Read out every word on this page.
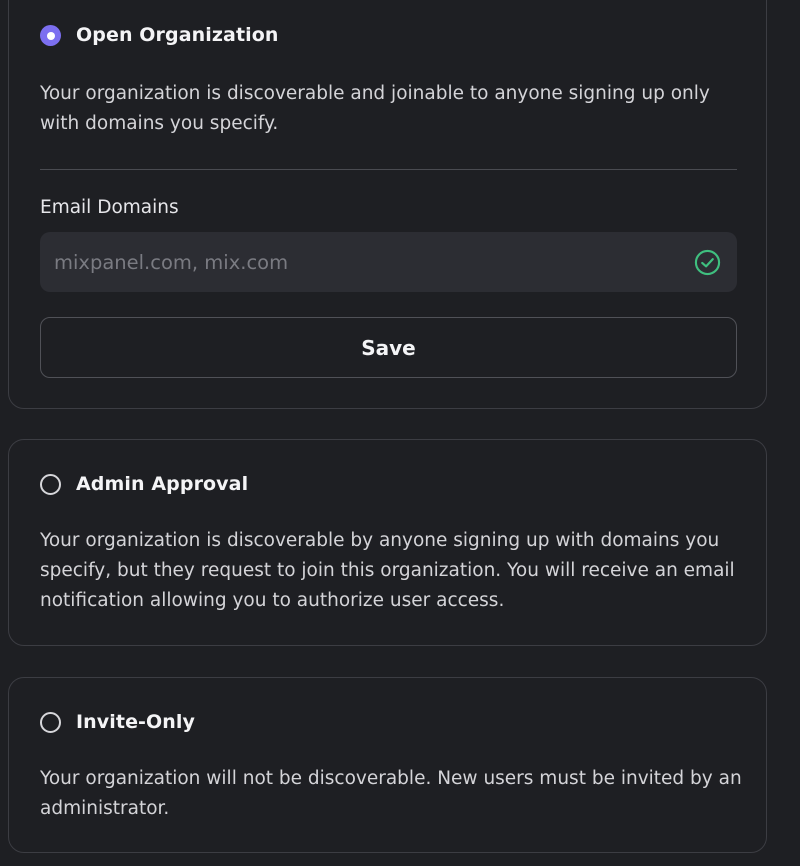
Open Organization

Your organization is discoverable and joinable to anyone signing up only with domains you specify.

Email Domains
mixpanel.com, mix.com
Save
Admin Approval

Your organization is discoverable by anyone signing up with domains you specify, but they request to join this organization. You will receive an email notification allowing you to authorize user access.

Invite-Only

Your organization will not be discoverable. New users must be invited by an administrator.
